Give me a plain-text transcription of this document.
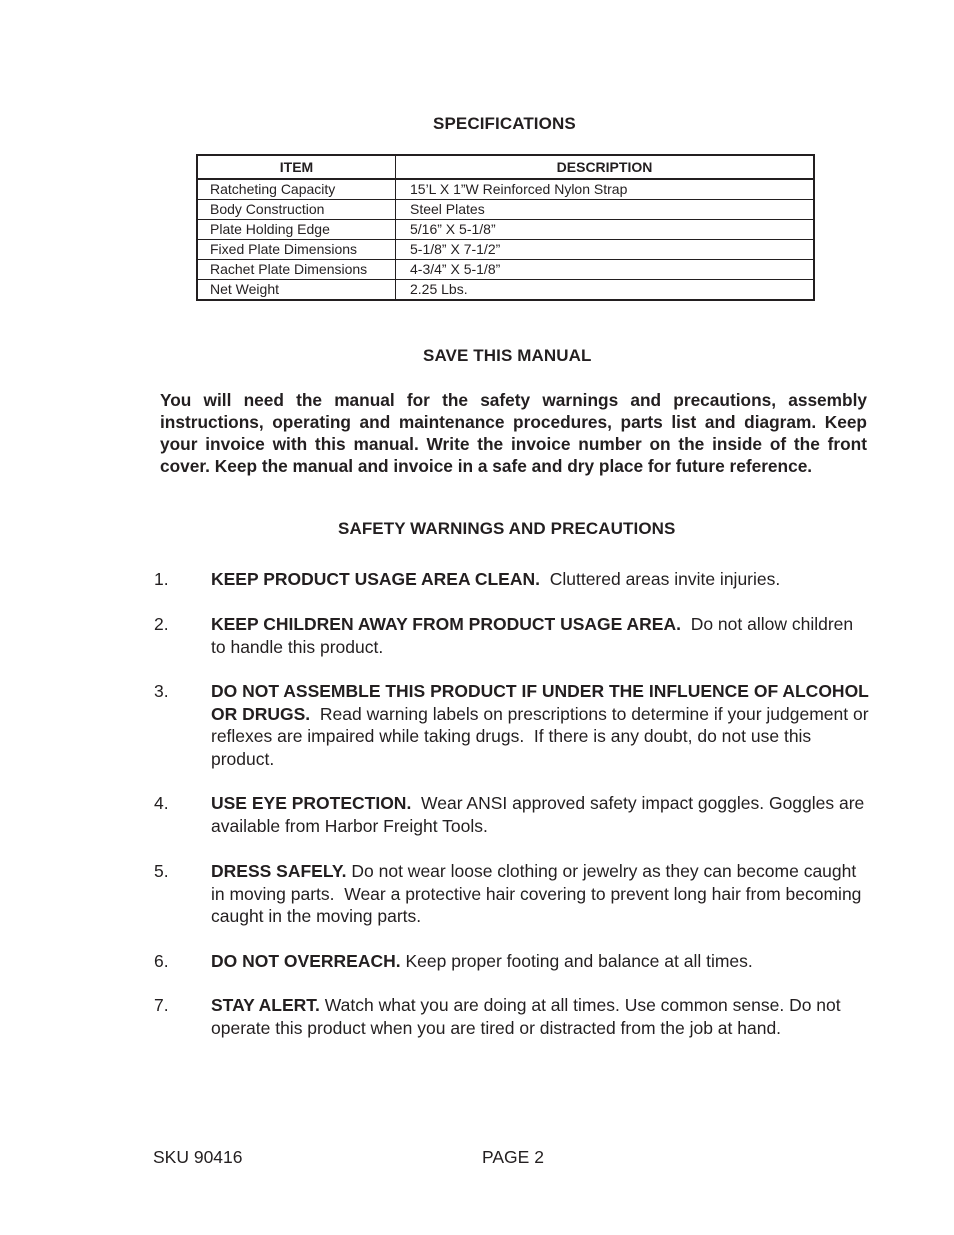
SPECIFICATIONS
ITEM	DESCRIPTION
Ratcheting Capacity	15’L X 1”W Reinforced Nylon Strap
Body Construction	Steel Plates
Plate Holding Edge	5/16” X 5-1/8”
Fixed Plate Dimensions	5-1/8” X 7-1/2”
Rachet Plate Dimensions	4-3/4” X 5-1/8”
Net Weight	2.25 Lbs.
SAVE THIS MANUAL
You will need the manual for the safety warnings and precautions, assembly instructions, operating and maintenance procedures, parts list and diagram. Keep your invoice with this manual. Write the invoice number on the inside of the front cover. Keep the manual and invoice in a safe and dry place for future reference.
SAFETY WARNINGS AND PRECAUTIONS
1.	KEEP PRODUCT USAGE AREA CLEAN.  Cluttered areas invite injuries.
2.	KEEP CHILDREN AWAY FROM PRODUCT USAGE AREA.  Do not allow children to handle this product.
3.	DO NOT ASSEMBLE THIS PRODUCT IF UNDER THE INFLUENCE OF ALCOHOL OR DRUGS.  Read warning labels on prescriptions to determine if your judgement or reflexes are impaired while taking drugs.  If there is any doubt, do not use this product.
4.	USE EYE PROTECTION.  Wear ANSI approved safety impact goggles. Goggles are available from Harbor Freight Tools.
5.	DRESS SAFELY. Do not wear loose clothing or jewelry as they can become caught in moving parts.  Wear a protective hair covering to prevent long hair from becoming caught in the moving parts.
6.	DO NOT OVERREACH. Keep proper footing and balance at all times.
7.	STAY ALERT. Watch what you are doing at all times. Use common sense. Do not operate this product when you are tired or distracted from the job at hand.
SKU 90416	PAGE 2
